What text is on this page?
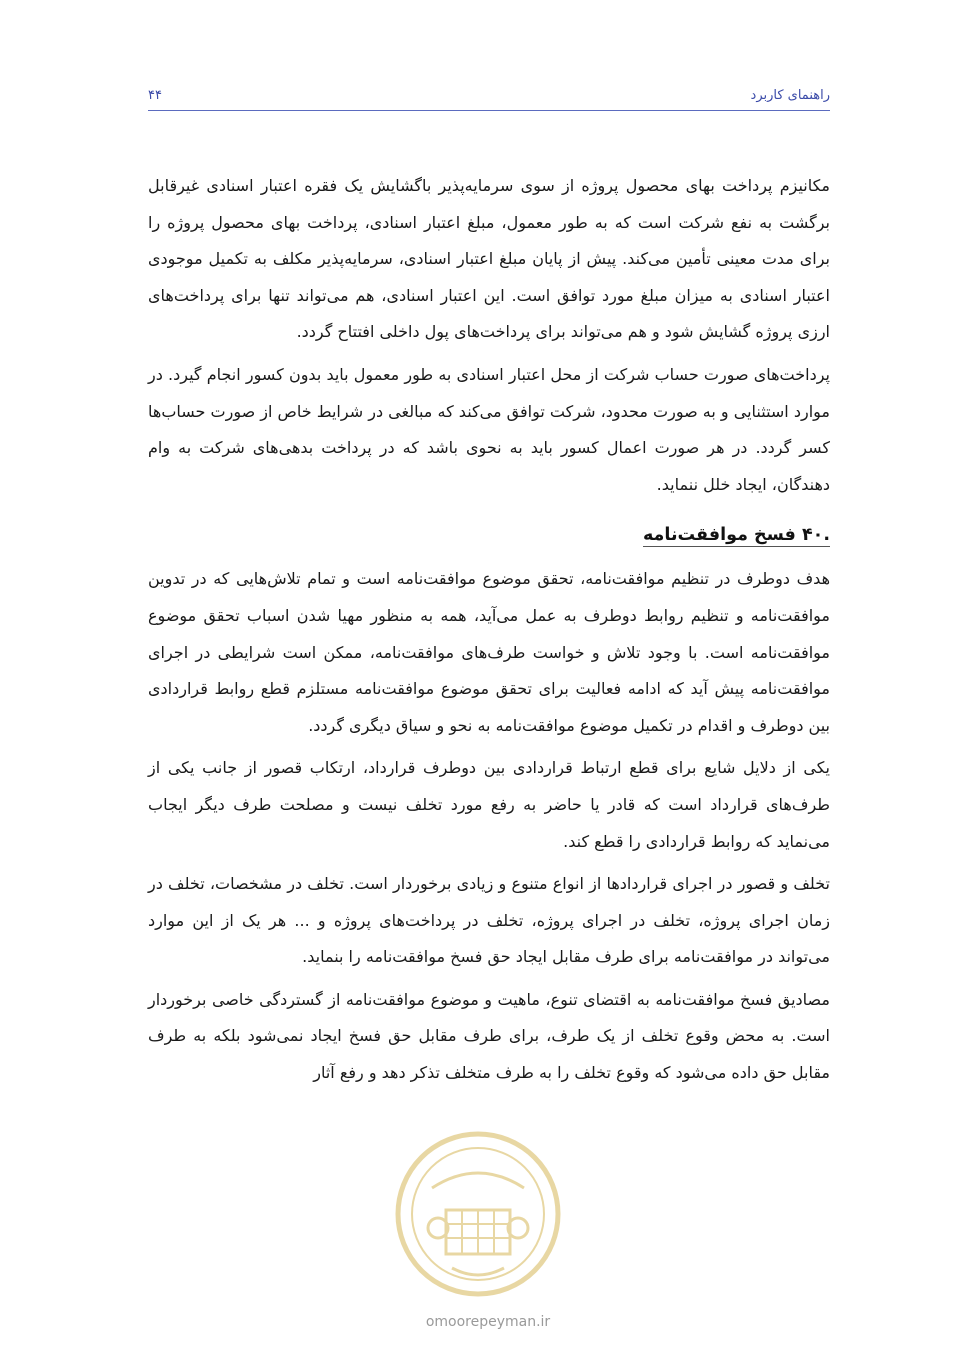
۴۴	راهنمای کاربرد

مکانیزم پرداخت بهای محصول پروژه از سوی سرمایه‌پذیر باگشایش یک فقره اعتبار اسنادی غیرقابل برگشت به نفع شرکت است که به طور معمول، مبلغ اعتبار اسنادی، پرداخت بهای محصول پروژه را برای مدت معینی تأمین می‌کند. پیش از پایان مبلغ اعتبار اسنادی، سرمایه‌پذیر مکلف به تکمیل موجودی اعتبار اسنادی به میزان مبلغ مورد توافق است. این اعتبار اسنادی، هم می‌تواند تنها برای پرداخت‌های ارزی پروژه گشایش شود و هم می‌تواند برای پرداخت‌های پول داخلی افتتاح گردد.

پرداخت‌های صورت حساب شرکت از محل اعتبار اسنادی به طور معمول باید بدون کسور انجام گیرد. در موارد استثنایی و به صورت محدود، شرکت توافق می‌کند که مبالغی در شرایط خاص از صورت حساب‌ها کسر گردد. در هر صورت اعمال کسور باید به نحوی باشد که در پرداخت بدهی‌های شرکت به وام دهندگان، ایجاد خلل ننماید.

۴۰. فسخ موافقت‌نامه

هدف دوطرف در تنظیم موافقت‌نامه، تحقق موضوع موافقت‌نامه است و تمام تلاش‌هایی که در تدوین موافقت‌نامه و تنظیم روابط دوطرف به عمل می‌آید، همه به منظور مهیا شدن اسباب تحقق موضوع موافقت‌نامه است. با وجود تلاش و خواست طرف‌های موافقت‌نامه، ممکن است شرایطی در اجرای موافقت‌نامه پیش آید که ادامه فعالیت برای تحقق موضوع موافقت‌نامه مستلزم قطع روابط قراردادی بین دوطرف و اقدام در تکمیل موضوع موافقت‌نامه به نحو و سیاق دیگری گردد.

یکی از دلایل شایع برای قطع ارتباط قراردادی بین دوطرف قرارداد، ارتکاب قصور از جانب یکی از طرف‌های قرارداد است که قادر یا حاضر به رفع مورد تخلف نیست و مصلحت طرف دیگر ایجاب می‌نماید که روابط قراردادی را قطع کند.

تخلف و قصور در اجرای قراردادها از انواع متنوع و زیادی برخوردار است. تخلف در مشخصات، تخلف در زمان اجرای پروژه، تخلف در اجرای پروژه، تخلف در پرداخت‌های پروژه و ... هر یک از این موارد می‌تواند در موافقت‌نامه برای طرف مقابل ایجاد حق فسخ موافقت‌نامه را بنماید.

مصادیق فسخ موافقت‌نامه به اقتضای تنوع، ماهیت و موضوع موافقت‌نامه از گستردگی خاصی برخوردار است. به محض وقوع تخلف از یک طرف، برای طرف مقابل حق فسخ ایجاد نمی‌شود بلکه به طرف مقابل حق داده می‌شود که وقوع تخلف را به طرف متخلف تذکر دهد و رفع آثار

omoorepeyman.ir
